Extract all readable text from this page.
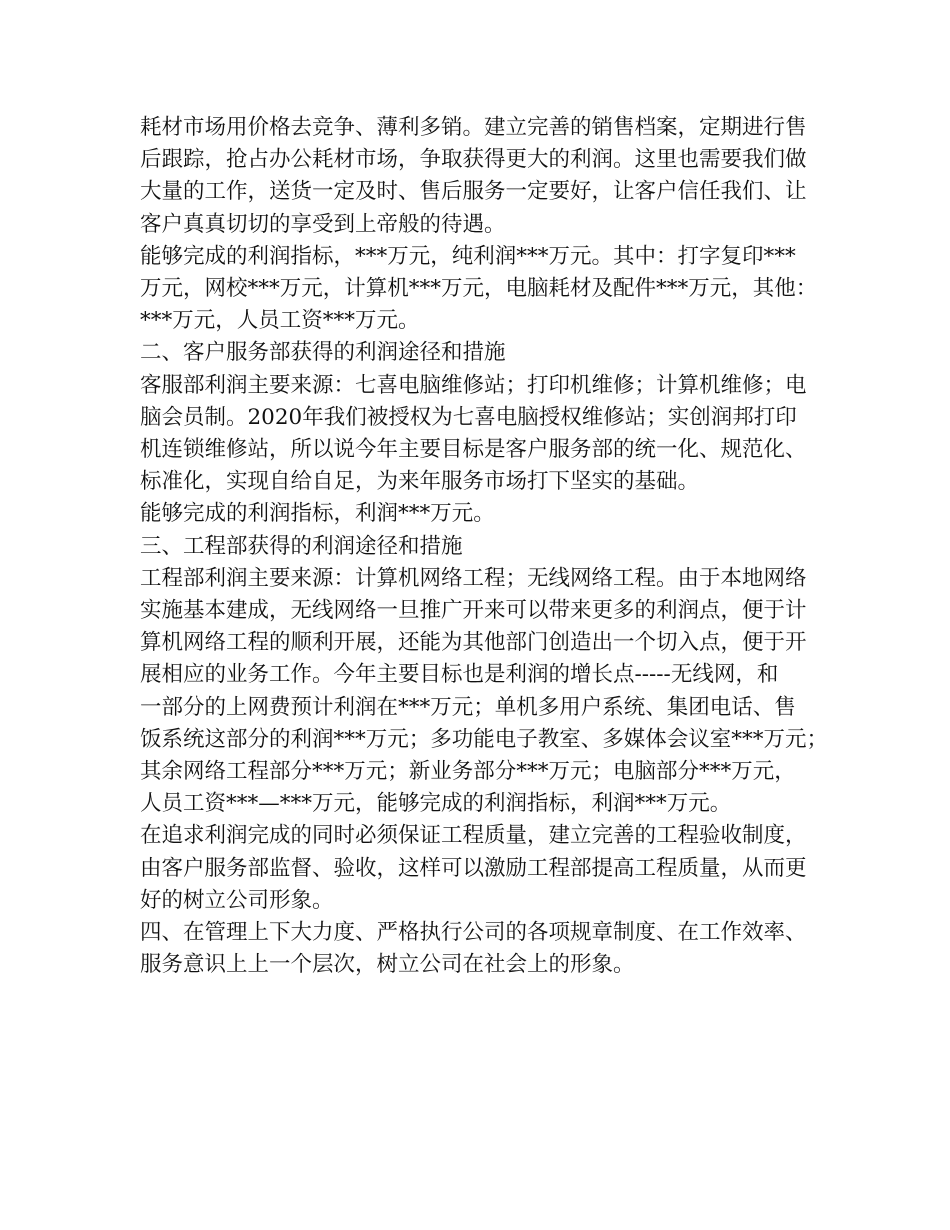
耗材市场用价格去竞争、薄利多销。建立完善的销售档案，定期进行售
后跟踪，抢占办公耗材市场，争取获得更大的利润。这里也需要我们做
大量的工作，送货一定及时、售后服务一定要好，让客户信任我们、让
客户真真切切的享受到上帝般的待遇。

能够完成的利润指标，***万元，纯利润***万元。其中：打字复印***
万元，网校***万元，计算机***万元，电脑耗材及配件***万元，其他：
***万元，人员工资***万元。

二、客户服务部获得的利润途径和措施

客服部利润主要来源：七喜电脑维修站；打印机维修；计算机维修；电
脑会员制。2020年我们被授权为七喜电脑授权维修站；实创润邦打印
机连锁维修站，所以说今年主要目标是客户服务部的统一化、规范化、
标准化，实现自给自足，为来年服务市场打下坚实的基础。

能够完成的利润指标，利润***万元。

三、工程部获得的利润途径和措施

工程部利润主要来源：计算机网络工程；无线网络工程。由于本地网络
实施基本建成，无线网络一旦推广开来可以带来更多的利润点，便于计
算机网络工程的顺利开展，还能为其他部门创造出一个切入点，便于开
展相应的业务工作。今年主要目标也是利润的增长点-----无线网，和
一部分的上网费预计利润在***万元；单机多用户系统、集团电话、售
饭系统这部分的利润***万元；多功能电子教室、多媒体会议室***万元；
其余网络工程部分***万元；新业务部分***万元；电脑部分***万元，
人员工资***—***万元，能够完成的利润指标，利润***万元。

在追求利润完成的同时必须保证工程质量，建立完善的工程验收制度，
由客户服务部监督、验收，这样可以激励工程部提高工程质量，从而更
好的树立公司形象。

四、在管理上下大力度、严格执行公司的各项规章制度、在工作效率、
服务意识上上一个层次，树立公司在社会上的形象。
